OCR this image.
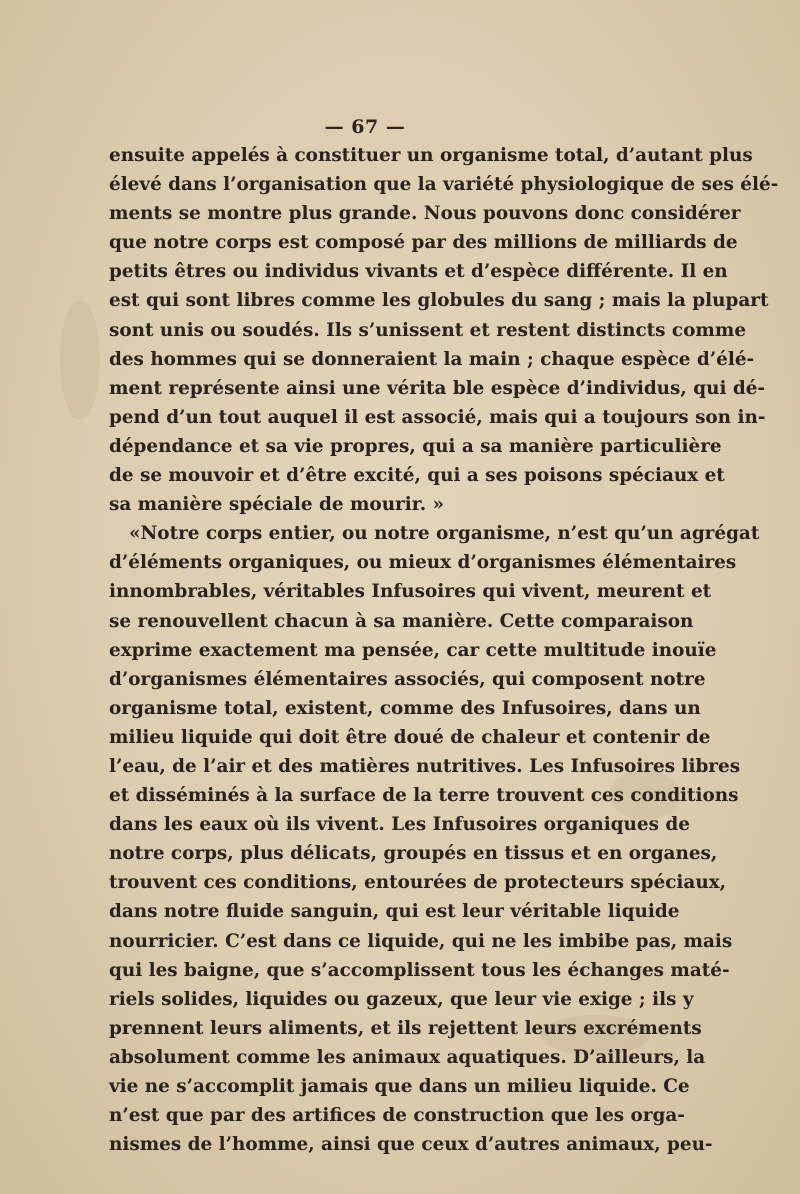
— 67 —
ensuite appelés à constituer un organisme total, d’autant plus
élevé dans l’organisation que la variété physiologique de ses élé-
ments se montre plus grande. Nous pouvons donc considérer
que notre corps est composé par des millions de milliards de
petits êtres ou individus vivants et d’espèce différente. Il en
est qui sont libres comme les globules du sang ; mais la plupart
sont unis ou soudés. Ils s’unissent et restent distincts comme
des hommes qui se donneraient la main ; chaque espèce d’élé-
ment représente ainsi une vérita ble espèce d’individus, qui dé-
pend d’un tout auquel il est associé, mais qui a toujours son in-
dépendance et sa vie propres, qui a sa manière particulière
de se mouvoir et d’être excité, qui a ses poisons spéciaux et
sa manière spéciale de mourir. »
«Notre corps entier, ou notre organisme, n’est qu’un agrégat
d’éléments organiques, ou mieux d’organismes élémentaires
innombrables, véritables Infusoires qui vivent, meurent et
se renouvellent chacun à sa manière. Cette comparaison
exprime exactement ma pensée, car cette multitude inouïe
d’organismes élémentaires associés, qui composent notre
organisme total, existent, comme des Infusoires, dans un
milieu liquide qui doit être doué de chaleur et contenir de
l’eau, de l’air et des matières nutritives. Les Infusoires libres
et disséminés à la surface de la terre trouvent ces conditions
dans les eaux où ils vivent. Les Infusoires organiques de
notre corps, plus délicats, groupés en tissus et en organes,
trouvent ces conditions, entourées de protecteurs spéciaux,
dans notre fluide sanguin, qui est leur véritable liquide
nourricier. C’est dans ce liquide, qui ne les imbibe pas, mais
qui les baigne, que s’accomplissent tous les échanges maté-
riels solides, liquides ou gazeux, que leur vie exige ; ils y
prennent leurs aliments, et ils rejettent leurs excréments
absolument comme les animaux aquatiques. D’ailleurs, la
vie ne s’accomplit jamais que dans un milieu liquide. Ce
n’est que par des artifices de construction que les orga-
nismes de l’homme, ainsi que ceux d’autres animaux, peu-
